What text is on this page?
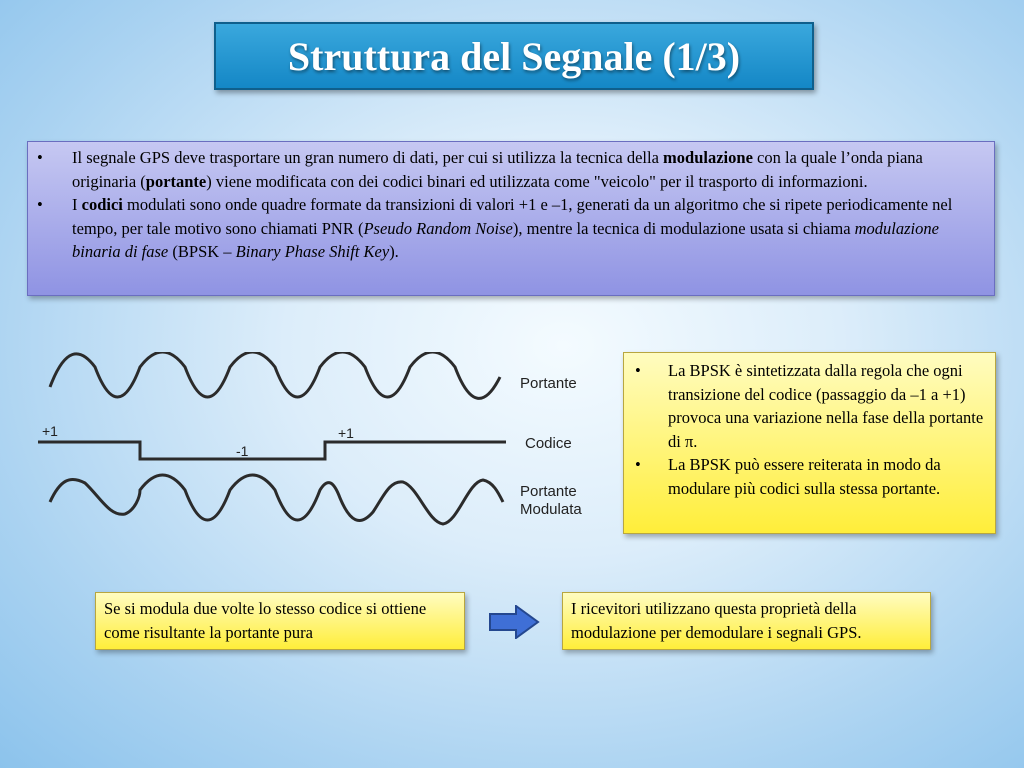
Struttura del Segnale (1/3)
• Il segnale GPS deve trasportare un gran numero di dati, per cui si utilizza la tecnica della modulazione con la quale l’onda piana originaria (portante) viene modificata con dei codici binari ed utilizzata come "veicolo" per il trasporto di informazioni.
• I codici modulati sono onde quadre formate da transizioni di valori +1 e –1, generati da un algoritmo che si ripete periodicamente nel tempo, per tale motivo sono chiamati PNR (Pseudo Random Noise), mentre la tecnica di modulazione usata si chiama modulazione binaria di fase (BPSK – Binary Phase Shift Key).
Portante
+1
-1
+1
Codice
Portante
Modulata
• La BPSK è sintetizzata dalla regola che ogni transizione del codice (passaggio da –1 a +1) provoca una variazione nella fase della portante di π.
• La BPSK può essere reiterata in modo da modulare più codici sulla stessa portante.
Se si modula due volte lo stesso codice si ottiene come risultante la portante pura
I ricevitori utilizzano questa proprietà della modulazione per demodulare i segnali GPS.
